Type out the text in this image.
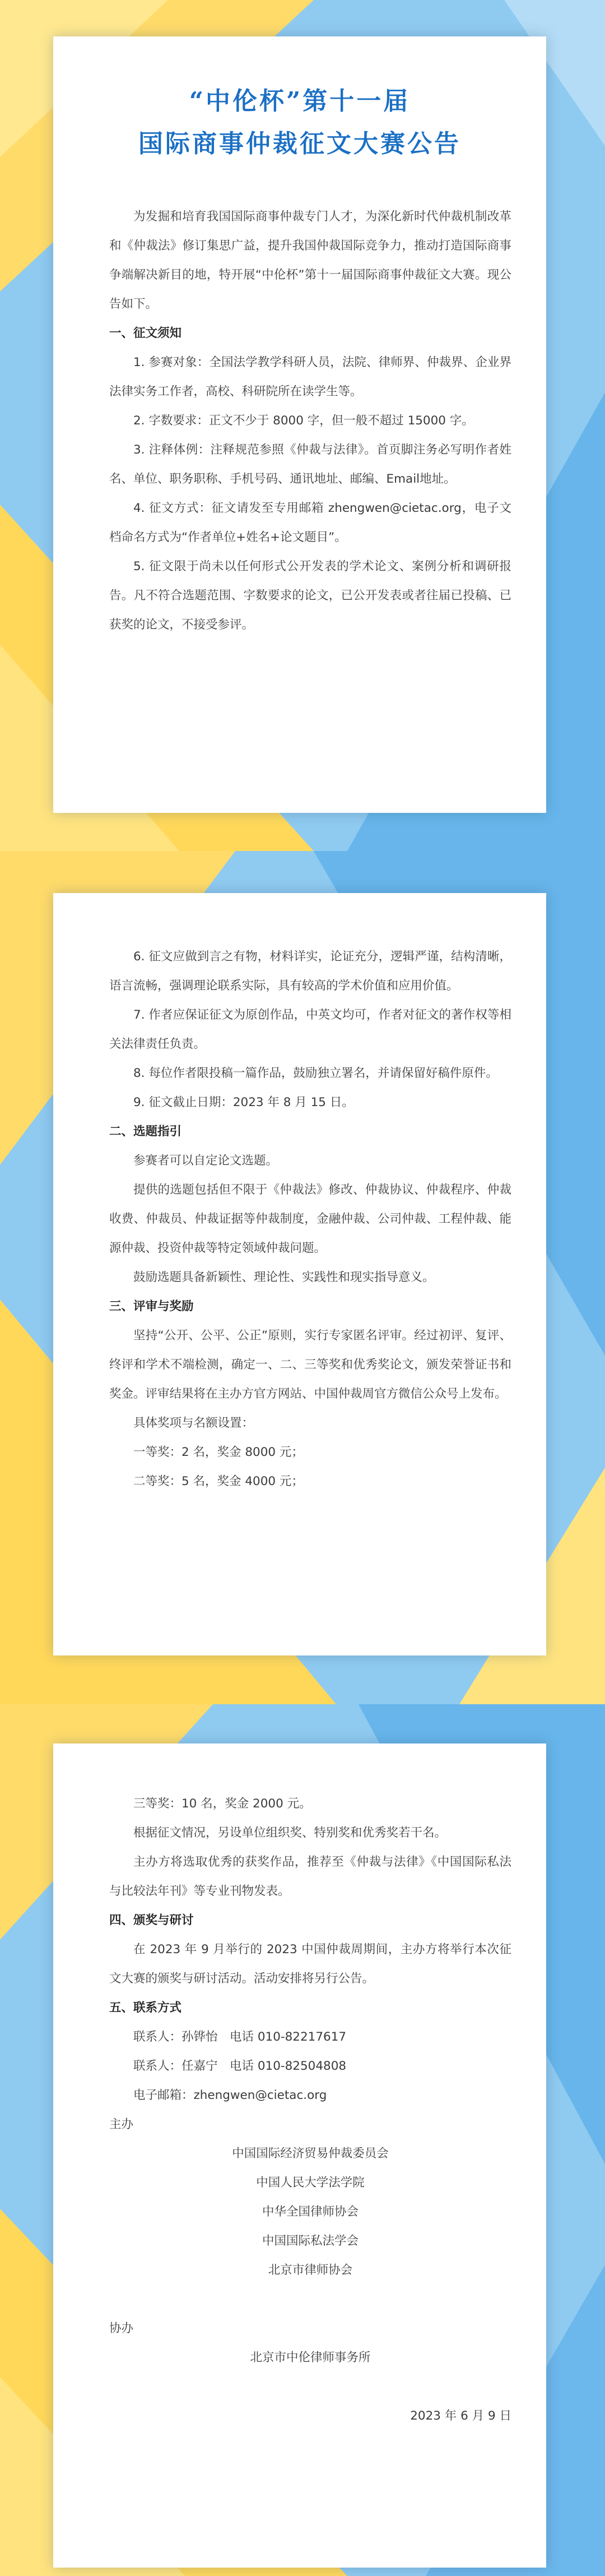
“中伦杯”第十一届
国际商事仲裁征文大赛公告

为发掘和培育我国国际商事仲裁专门人才，为深化新时代仲裁机制改革和《仲裁法》修订集思广益，提升我国仲裁国际竞争力，推动打造国际商事争端解决新目的地，特开展“中伦杯”第十一届国际商事仲裁征文大赛。现公告如下。

一、征文须知

1. 参赛对象：全国法学教学科研人员，法院、律师界、仲裁界、企业界法律实务工作者，高校、科研院所在读学生等。

2. 字数要求：正文不少于 8000 字，但一般不超过 15000 字。

3. 注释体例：注释规范参照《仲裁与法律》。首页脚注务必写明作者姓名、单位、职务职称、手机号码、通讯地址、邮编、Email地址。

4. 征文方式：征文请发至专用邮箱 zhengwen@cietac.org，电子文档命名方式为“作者单位+姓名+论文题目”。

5. 征文限于尚未以任何形式公开发表的学术论文、案例分析和调研报告。凡不符合选题范围、字数要求的论文，已公开发表或者往届已投稿、已获奖的论文，不接受参评。

6. 征文应做到言之有物，材料详实，论证充分，逻辑严谨，结构清晰，语言流畅，强调理论联系实际，具有较高的学术价值和应用价值。

7. 作者应保证征文为原创作品，中英文均可，作者对征文的著作权等相关法律责任负责。

8. 每位作者限投稿一篇作品，鼓励独立署名，并请保留好稿件原件。

9. 征文截止日期：2023 年 8 月 15 日。

二、选题指引

参赛者可以自定论文选题。

提供的选题包括但不限于《仲裁法》修改、仲裁协议、仲裁程序、仲裁收费、仲裁员、仲裁证据等仲裁制度，金融仲裁、公司仲裁、工程仲裁、能源仲裁、投资仲裁等特定领域仲裁问题。

鼓励选题具备新颖性、理论性、实践性和现实指导意义。

三、评审与奖励

坚持“公开、公平、公正”原则，实行专家匿名评审。经过初评、复评、终评和学术不端检测，确定一、二、三等奖和优秀奖论文，颁发荣誉证书和奖金。评审结果将在主办方官方网站、中国仲裁周官方微信公众号上发布。

具体奖项与名额设置：

一等奖：2 名，奖金 8000 元；

二等奖：5 名，奖金 4000 元；

三等奖：10 名，奖金 2000 元。

根据征文情况，另设单位组织奖、特别奖和优秀奖若干名。

主办方将选取优秀的获奖作品，推荐至《仲裁与法律》《中国国际私法与比较法年刊》等专业刊物发表。

四、颁奖与研讨

在 2023 年 9 月举行的 2023 中国仲裁周期间，主办方将举行本次征文大赛的颁奖与研讨活动。活动安排将另行公告。

五、联系方式

联系人：孙铧怡　电话 010-82217617

联系人：任嘉宁　电话 010-82504808

电子邮箱：zhengwen@cietac.org

主办

中国国际经济贸易仲裁委员会

中国人民大学法学院

中华全国律师协会

中国国际私法学会

北京市律师协会

协办

北京市中伦律师事务所

2023 年 6 月 9 日
